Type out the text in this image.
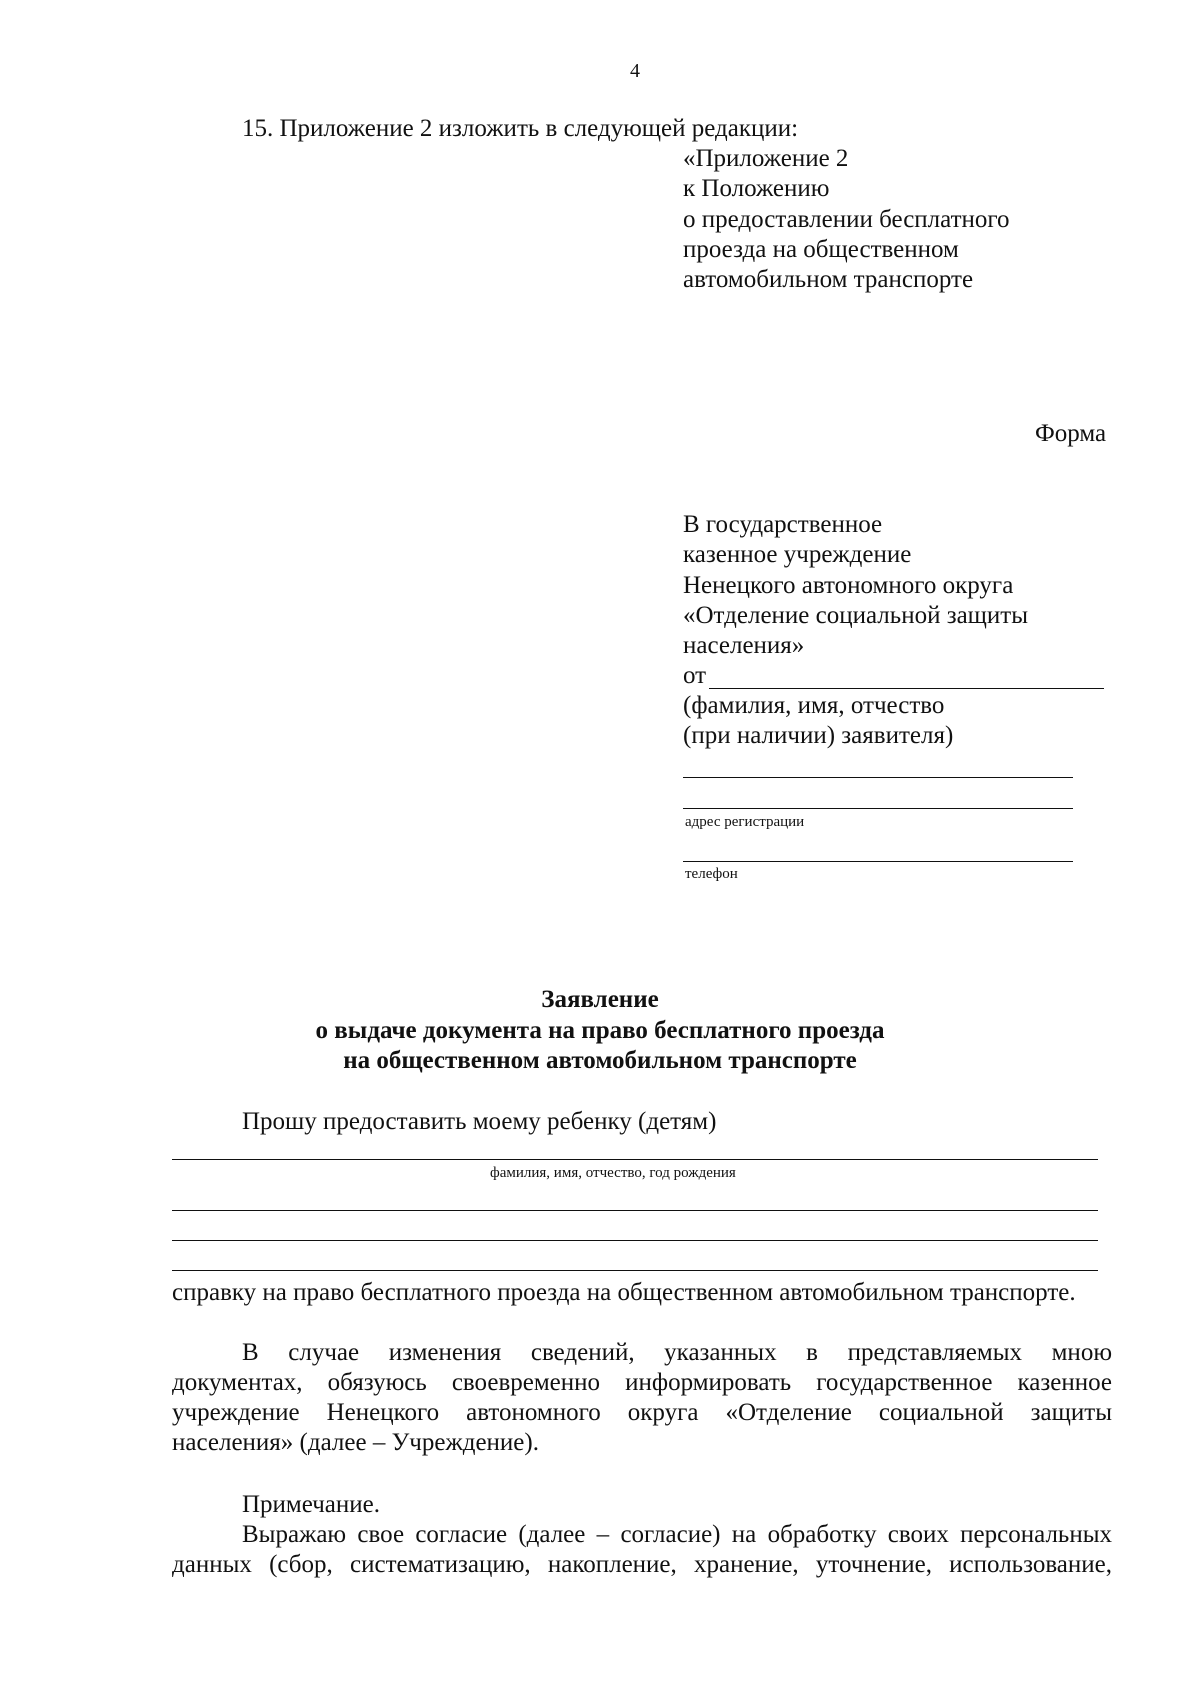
4
15. Приложение 2 изложить в следующей редакции:
«Приложение 2
к Положению
о предоставлении бесплатного
проезда на общественном
автомобильном транспорте
Форма
В государственное
казенное учреждение
Ненецкого автономного округа
«Отделение социальной защиты
населения»
от
(фамилия, имя, отчество
(при наличии) заявителя)
адрес регистрации
телефон
Заявление
о выдаче документа на право бесплатного проезда
на общественном автомобильном транспорте
Прошу предоставить моему ребенку (детям)
фамилия, имя, отчество, год рождения
справку на право бесплатного проезда на общественном автомобильном транспорте.
В случае изменения сведений, указанных в представляемых мною
документах, обязуюсь своевременно информировать государственное казенное
учреждение Ненецкого автономного округа «Отделение социальной защиты
населения» (далее – Учреждение).
Примечание.
Выражаю свое согласие (далее – согласие) на обработку своих персональных
данных (сбор, систематизацию, накопление, хранение, уточнение, использование,
